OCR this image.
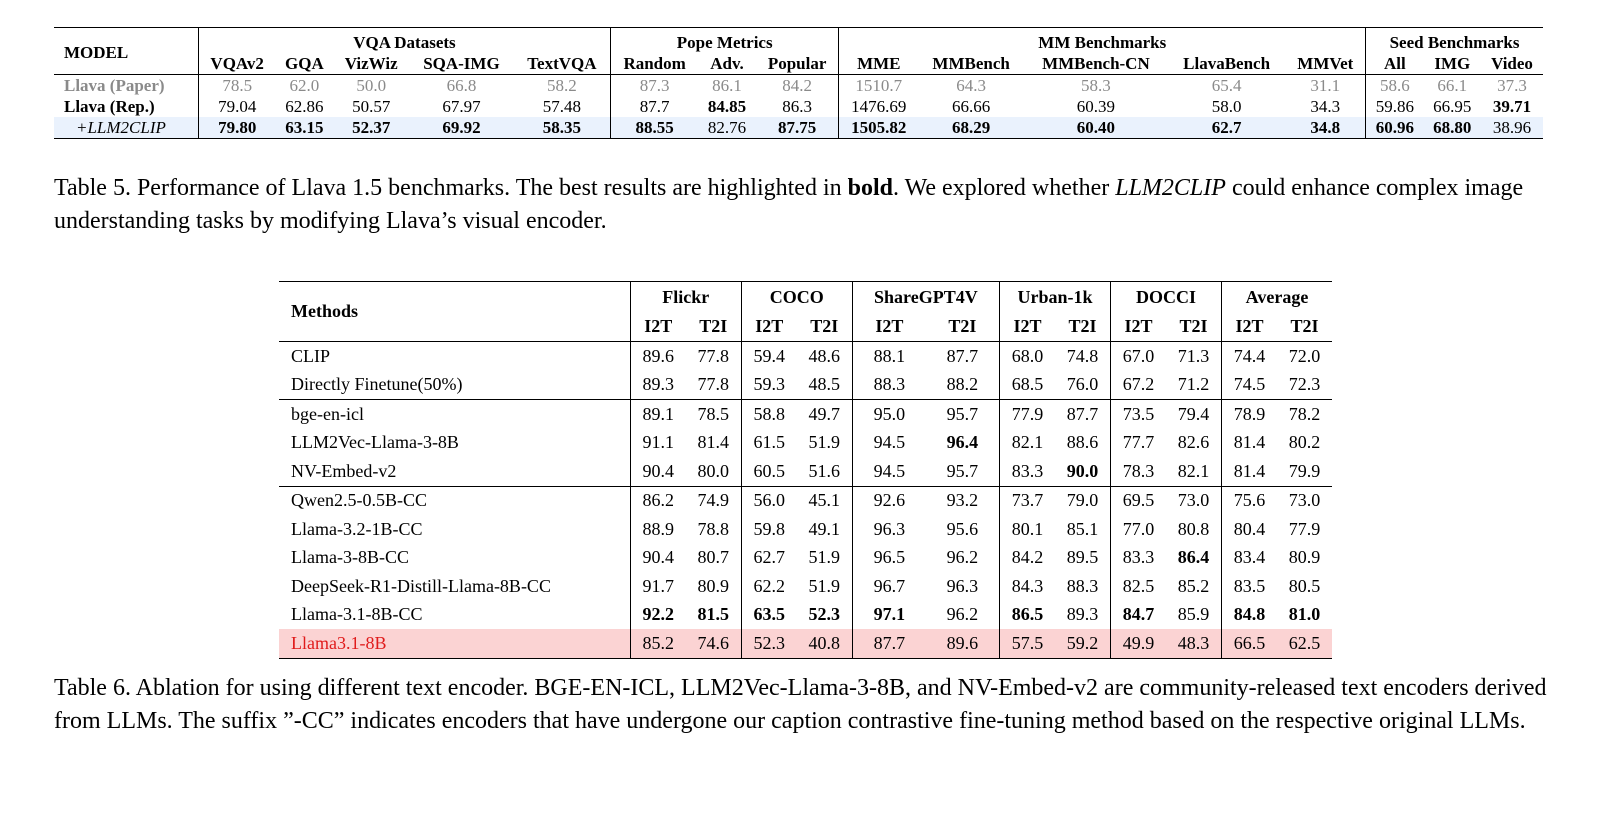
MODEL	VQA Datasets					Pope Metrics			MM Benchmarks					Seed Benchmarks		
	VQAv2	GQA	VizWiz	SQA-IMG	TextVQA	Random	Adv.	Popular	MME	MMBench	MMBench-CN	LlavaBench	MMVet	All	IMG	Video
Llava (Paper)	78.5	62.0	50.0	66.8	58.2	87.3	86.1	84.2	1510.7	64.3	58.3	65.4	31.1	58.6	66.1	37.3
Llava (Rep.)	79.04	62.86	50.57	67.97	57.48	87.7	84.85	86.3	1476.69	66.66	60.39	58.0	34.3	59.86	66.95	39.71
+LLM2CLIP	79.80	63.15	52.37	69.92	58.35	88.55	82.76	87.75	1505.82	68.29	60.40	62.7	34.8	60.96	68.80	38.96

Table 5. Performance of Llava 1.5 benchmarks. The best results are highlighted in bold. We explored whether LLM2CLIP could enhance complex image understanding tasks by modifying Llava’s visual encoder.

Methods	Flickr		COCO		ShareGPT4V		Urban-1k		DOCCI		Average	
	I2T	T2I	I2T	T2I	I2T	T2I	I2T	T2I	I2T	T2I	I2T	T2I
CLIP	89.6	77.8	59.4	48.6	88.1	87.7	68.0	74.8	67.0	71.3	74.4	72.0
Directly Finetune(50%)	89.3	77.8	59.3	48.5	88.3	88.2	68.5	76.0	67.2	71.2	74.5	72.3
bge-en-icl	89.1	78.5	58.8	49.7	95.0	95.7	77.9	87.7	73.5	79.4	78.9	78.2
LLM2Vec-Llama-3-8B	91.1	81.4	61.5	51.9	94.5	96.4	82.1	88.6	77.7	82.6	81.4	80.2
NV-Embed-v2	90.4	80.0	60.5	51.6	94.5	95.7	83.3	90.0	78.3	82.1	81.4	79.9
Qwen2.5-0.5B-CC	86.2	74.9	56.0	45.1	92.6	93.2	73.7	79.0	69.5	73.0	75.6	73.0
Llama-3.2-1B-CC	88.9	78.8	59.8	49.1	96.3	95.6	80.1	85.1	77.0	80.8	80.4	77.9
Llama-3-8B-CC	90.4	80.7	62.7	51.9	96.5	96.2	84.2	89.5	83.3	86.4	83.4	80.9
DeepSeek-R1-Distill-Llama-8B-CC	91.7	80.9	62.2	51.9	96.7	96.3	84.3	88.3	82.5	85.2	83.5	80.5
Llama-3.1-8B-CC	92.2	81.5	63.5	52.3	97.1	96.2	86.5	89.3	84.7	85.9	84.8	81.0
Llama3.1-8B	85.2	74.6	52.3	40.8	87.7	89.6	57.5	59.2	49.9	48.3	66.5	62.5

Table 6. Ablation for using different text encoder. BGE-EN-ICL, LLM2Vec-Llama-3-8B, and NV-Embed-v2 are community-released text encoders derived from LLMs. The suffix ”-CC” indicates encoders that have undergone our caption contrastive fine-tuning method based on the respective original LLMs.
